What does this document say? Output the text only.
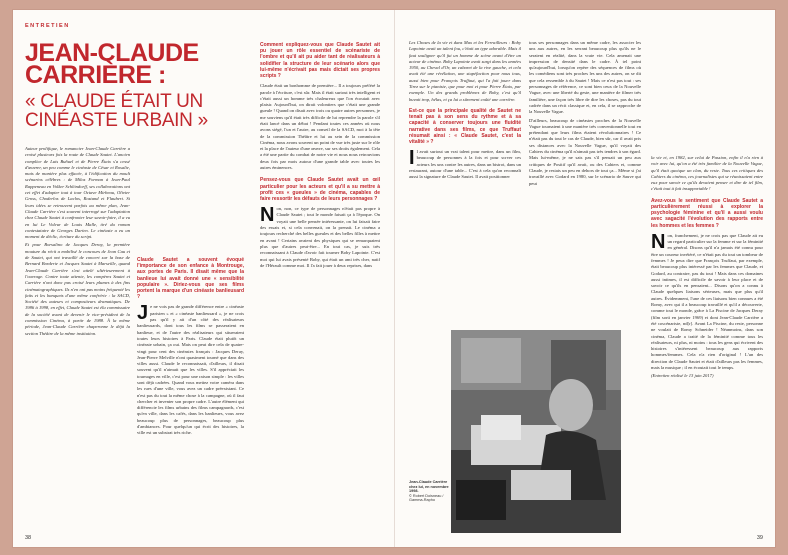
ENTRETIEN
JEAN-CLAUDE CARRIÈRE :
« CLAUDE ÉTAIT UN CINÉASTE URBAIN »

Auteur prolifique, le romancier Jean-Claude Carrière a croisé plusieurs fois la route de Claude Sautet. L'ancien complice de Luis Buñuel et de Pierre Étaix s'a cessé d'œuvrer, un peu comme le cinéaste de César et Rosalie, mais de manière plus effacée, à l'édification du moult scénarios célèbres : de Milos Forman à Jean-Paul Rappeneau en Volker Schlöndorff, ses collaborations ont cet effet d'adapter tout à tour Octave Mirbeau, Olivier Gross, Choderlos de Laclos, Rostand et Flaubert. Si leurs idées se retrouvent parfois au même plan, Jean-Claude Carrière s'est souvent interrogé sur l'adaptation chez Claude Sautet à confronter leur savoir-faire, il a vu en lui Le Voleur de Louis Malle, tiré du roman contestataire de Georges Darien. Le cinéaste a eu un moment de déclic, écriture du script.

Et pour Borsalino de Jacques Deray, la première mouture du récit a mobilisé le concours de Jean Cau et de Sautet, qui ont travaillé de concert sur la base de Bernard Borderie et Jacques Sautet à Marseille, quand Jean-Claude Carrière s'est attelé ultérieurement à l'ouvrage. Contre toute attente, les compères Sautet et Carrière n'ont donc pas croisé leurs plumes à des fins cinématographiques. Ils n'en ont pas moins fréquenté les faits et les banquets d'une même confrérie : la SACD, Société des auteurs et compositeurs dramatiques. De 1986 à 1998, en effet, Claude Sautet est élu commissaire de la société avant de devenir le vice-président de la commission Cinéma, à partir de 1988. À la même période, Jean-Claude Carrière chaperonne le déjà la section Théâtre de la même institution.

Claude Sautet a souvent évoqué l'importance de son enfance à Montrouge, aux portes de Paris. Il disait même que la banlieue lui avait donné une « sensibilité populaire ». Diriez-vous que ses films portent la marque d'un cinéaste banlieusard ?

Je ne vois pas de grande différence entre « cinéaste parisien » et « cinéaste banlieusard », je ne crois pas qu'il y ait d'un côté des réalisateurs banlieusards, dont tous les films se passeraient en banlieue, et de l'autre des réalisateurs qui situeraient toutes leurs histoires à Paris. Claude était plutôt un cinéaste urbain, ça oui. Mais on peut dire cela de quatre-vingt pour cent des cinéastes français : Jacques Deray, Jean-Pierre Melville n'ont quasiment tourné que dans des villes aussi. Claude le reconnaissait, d'ailleurs, il disait souvent qu'il n'aimait que les villes. S'il appréciait les tournages en ville, c'est pour une raison simple : les villes sont déjà cadrées. Quand vous mettez votre caméra dans les rues d'une ville, vous avez un cadre préexistant. Ce n'est pas du tout la même chose à la campagne, où il faut chercher et inventer son propre cadre. L'autre élément qui différencie les films urbains des films campagnards, c'est qu'en ville, dans les cafés, dans les banlieues, vous avez beaucoup plus de personnages, beaucoup plus d'ambiances. Pour quelqu'un qui écrit des histoires, la ville est un substrat très riche.

Comment expliquez-vous que Claude Sautet ait pu jouer un rôle essentiel de scénariste de l'ombre et qu'il ait pu aider tant de réalisateurs à solidifier la structure de leur scénario alors que lui-même n'écrivait pas mais dictait ses propres scripts ?

Claude était un bonhomme de première... Il a toujours préféré la parole à l'écriture, c'est sûr. Mais il était surtout très intelligent et c'était aussi un homme très chaleureux que l'on écoutait avec plaisir. Aujourd'hui, on dirait volontiers que c'était une grande gueule ! Quand on disait avec trois ou quatre autres personnes, je me souviens qu'il était très difficile de lui reprendre la parole s'il était lancé dans un débat ! Pendant toutes ces années où nous avons siégé, l'un et l'autre, au conseil de la SACD, moi à la tête de la commission Théâtre et lui au sein de la commission Cinéma, nous avons souvent un point de vue très juste sur le rôle et la place de l'auteur d'une œuvre, sur ses droits également. Cela a été une partie du combat de notre vie et nous nous retrouvions deux fois par mois autour d'une grande table avec toutes les autres éminences.

Pensez-vous que Claude Sautet avait un œil particulier pour les acteurs et qu'il a su mettre à profit ces « gueules » de cinéma, capables de faire ressortir les défauts de leurs personnages ?

Non, non, ce type de personnages n'était pas propre à Claude Sautet ; tout le monde faisait ça à l'époque. On voyait une belle pensée intéressante, on lui faisait faire des essais et, si cela convenait, on la prenait. Le cinéma a toujours recherché des belles gueules et des belles filles à mettre en avant ! Certains avaient des physiques qui se remarquaient plus que d'autres peut-être... En tout cas, je suis très reconnaissant à Claude d'avoir fait tourner Boby Lapointe. C'est moi qui lui avais présenté Boby, qui était un ami très cher, natif de l'Hérault comme moi. Il l'a fait jouer à deux reprises, dans

38

Les Choses de la vie et dans Max et les Ferrailleurs : Boby Lapointe avait un talent fou, c'était un type adorable. Mais il faut souligner qu'il fut un homme de scène avant d'être un acteur de cinéma. Boby Lapointe avait surgi dans les années 1950, au Cheval d'Or, un cabaret de la rive gauche, et cela avait été une révélation, une stupéfaction pour nous tous, aussi bien pour François Truffaut, qui l'a fait jouer dans Tirez sur le pianiste, que pour moi et pour Pierre Étaix, par exemple. Un des grands problèmes de Boby, c'est qu'il buvait trop, hélas, et ça lui a sûrement coûté une carrière.

Est-ce que la principale qualité de Sautet ne tenait pas à son sens du rythme et à sa capacité à conserver toujours une fluidité narrative dans ses films, ce que Truffaut résumait ainsi : « Claude Sautet, c'est la vitalité » ?

Il avait surtout un vrai talent pour mettre, dans un film, beaucoup de personnes à la fois et pour scrver ces acteurs les uns contre les autres, dans un bistrot, dans un restaurant, autour d'une table... C'est à cela qu'on reconnaît aussi la signature de Claude Sautet. Il avait positionner

tous ses personnages dans un même cadre, les associer les uns aux autres, en les serrant beaucoup plus qu'ils ne le seraient en réalité, dans la vraie vie. Cela amenait une impression de densité dans le cadre. À tel point qu'aujourd'hui, lorsqu'on repère des séquences de films où les comédiens sont très proches les uns des autres, on se dit que cela ressemble à du Sautet ! Mais ce n'est pas tout : ses personnages de référence, ce sont bien ceux de la Nouvelle Vague, avec une liberté du geste, une manière de filmer très familière, une façon très libre de dire les choses, pas du tout cadrée dans un récit classique et, en cela, il se rapproche de la Nouvelle Vague.

D'ailleurs, beaucoup de cinéastes proches de la Nouvelle Vague tournaient à une manière très conventionnelle tout en prétendant que leurs films étaient révolutionnaires ! Ce n'était pas du tout le cas de Claude, bien sûr, car il avait pris ses distances avec la Nouvelle Vague, qu'il voyait des Cahiers du cinéma qu'il n'aimait pas très tendres à son égard. Mais lui-même, je ne sais pas s'il pensait un peu aux critiques de Positif qu'il avait, ou des Cahiers et, comme Claude, je restais un peu en dehors de tout ça... Même si j'ai travaillé avec Godard en 1980, sur le scénario de Sauve qui peut

Jean-Claude Carrière chez lui, en novembre 1998.
© Robert Doisneau / Gamma-Rapho

la vie et, en 1982, sur celui de Passion, enfin il n'a rien à voir avec lui, qu'on a été très familier de la Nouvelle Vague, qu'il était quoique un clan, du reste. Tous ces critiques des Cahiers du cinéma, ces journalistes qui se réunissaient entre eux pour savoir ce qu'ils devaient penser et dire de tel film, c'était tout à fait insupportable !

Avez-vous le sentiment que Claude Sautet a particulièrement réussi à explorer la psychologie féminine et qu'il a aussi voulu avec sagacité l'évolution des rapports entre les hommes et les femmes ?

Non, franchement, je ne crois pas que Claude ait eu un regard particulier sur la femme et sur la féminité en général. Disons qu'il n'a jamais été connu pour être un coureur invétéré, ce n'était pas du tout un tombeur de femmes ! Je peux dire que François Truffaut, par exemple, était beaucoup plus intéressé par les femmes que Claude, et Godard, au contraire, pas du tout ! Mais dans ces domaines aussi intimes, il est difficile de savoir à leur place et de savoir ce qu'ils en pensaient... Disons qu'on a connu à Claude quelques liaisons sérieuses, mais que plus qu'il autres. Évidemment, l'une de ces liaisons bien connues a été Romy, avec qui il a beaucoup travaillé et qu'il a découverte, comme tout le monde, grâce à La Piscine de Jacques Deray (film sorti en janvier 1969) et dont Jean-Claude Carrière a été coscénariste, nd[r]. Avant La Piscine, du reste, personne ne voulait de Romy Schneider ! Néanmoins, dans son cinéma, Claude a traité de la féminité comme tous les réalisateurs, ni plus, ni moins : tous les gens qui écrivent des histoires s'intéressent beaucoup aux rapports hommes/femmes. Cela n'a rien d'original ! L'un des direction de Claude Sautet et était d'ailleurs pas les femmes, mais la musique ; il en écoutait tout le temps.

(Entretien réalisé le 13 juin 2017)

39
